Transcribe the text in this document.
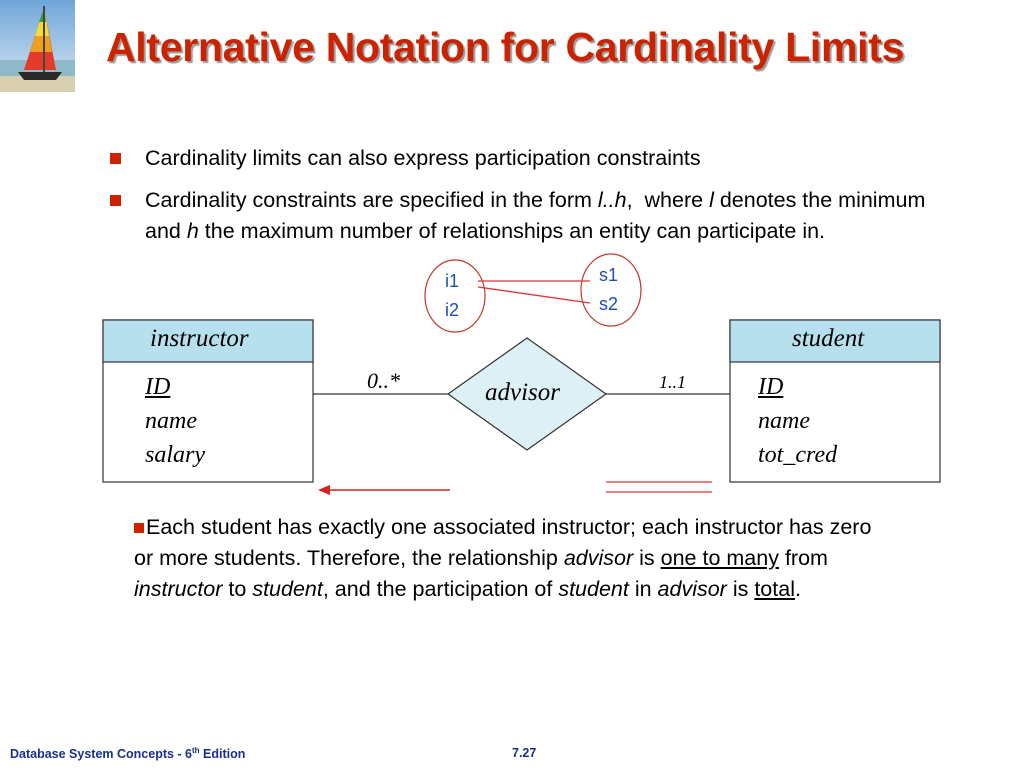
Alternative Notation for Cardinality Limits
Cardinality limits can also express participation constraints
Cardinality constraints are specified in the form l..h,  where l denotes the minimum and h the maximum number of relationships an entity can participate in.
i1
i2
s1
s2
instructor
ID
name
salary
student
ID
name
tot_cred
advisor
0..*	1..1
Each student has exactly one associated instructor; each instructor has zero or more students. Therefore, the relationship advisor is one to many from instructor to student, and the participation of student in advisor is total.
Database System Concepts - 6th Edition	7.27
